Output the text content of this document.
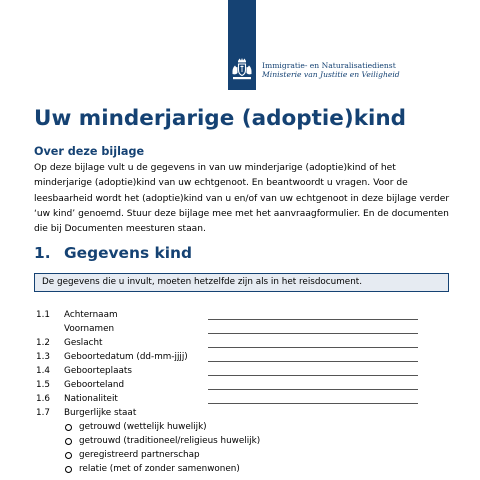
Immigratie- en Naturalisatiedienst
Ministerie van Justitie en Veiligheid
Uw minderjarige (adoptie)kind
Over deze bijlage
Op deze bijlage vult u de gegevens in van uw minderjarige (adoptie)kind of het
minderjarige (adoptie)kind van uw echtgenoot. En beantwoordt u vragen. Voor de
leesbaarheid wordt het (adoptie)kind van u en/of van uw echtgenoot in deze bijlage verder
‘uw kind’ genoemd. Stuur deze bijlage mee met het aanvraagformulier. En de documenten
die bij Documenten meesturen staan.
1. Gegevens kind
De gegevens die u invult, moeten hetzelfde zijn als in het reisdocument.
1.1 Achternaam
Voornamen
1.2 Geslacht
1.3 Geboortedatum (dd-mm-jjjj)
1.4 Geboorteplaats
1.5 Geboorteland
1.6 Nationaliteit
1.7 Burgerlijke staat
getrouwd (wettelijk huwelijk)
getrouwd (traditioneel/religieus huwelijk)
geregistreerd partnerschap
relatie (met of zonder samenwonen)
